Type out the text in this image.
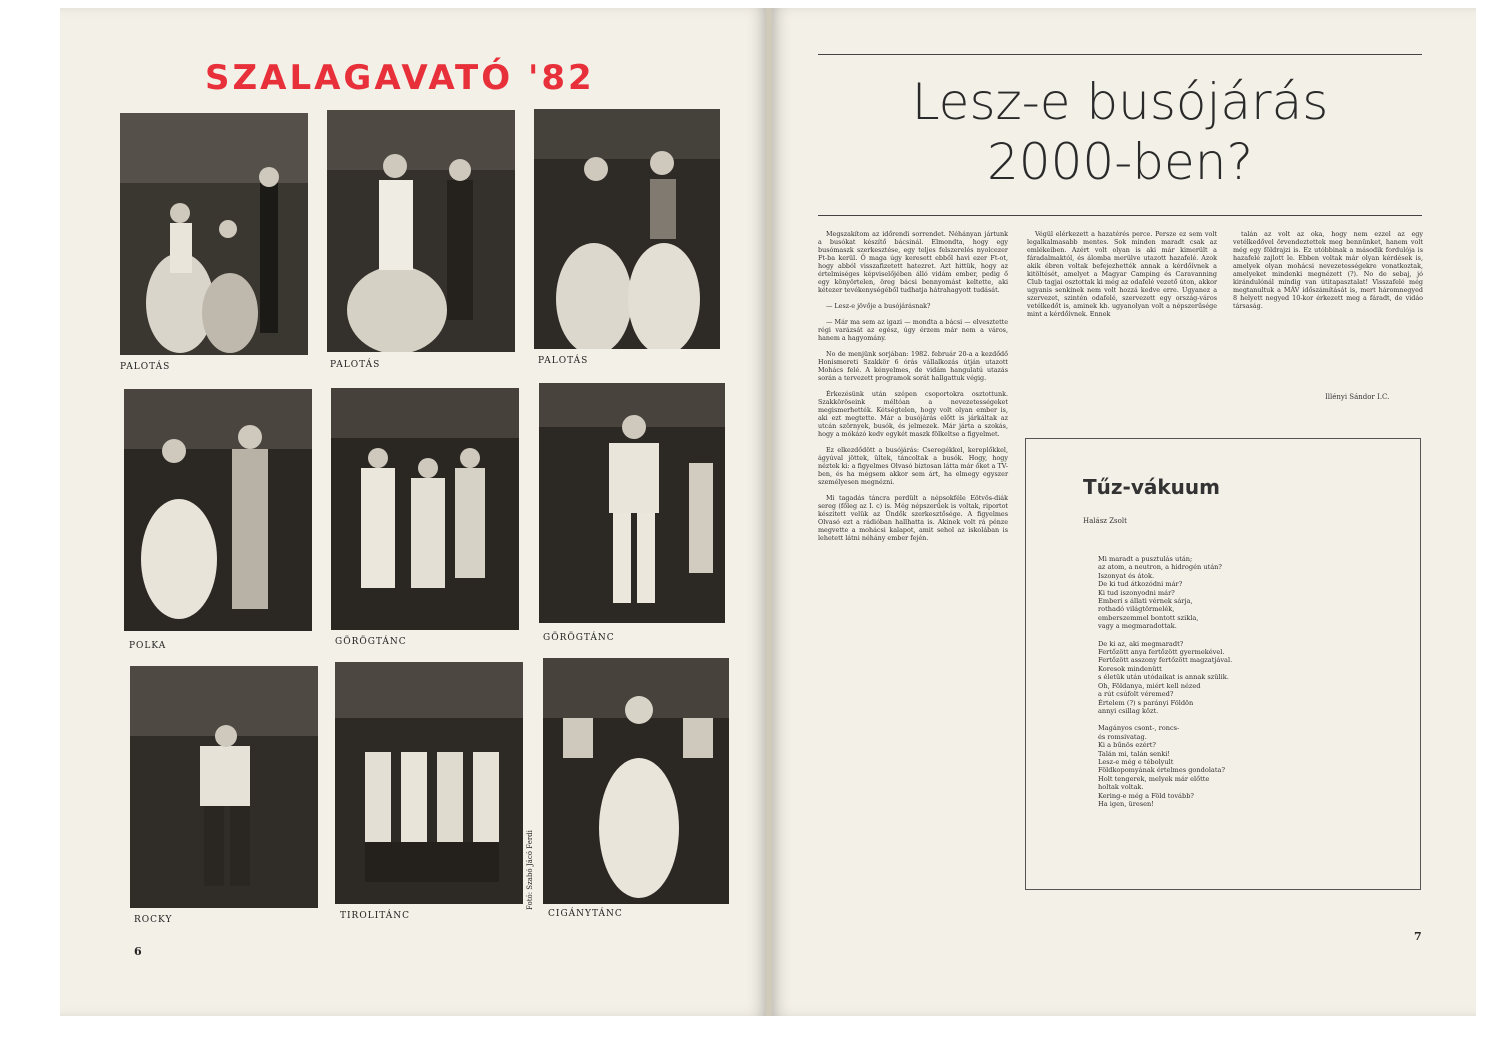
SZALAGAVATÓ '82

PALOTÁS	PALOTÁS	PALOTÁS

POLKA	GÖRÖGTÁNC	GÖRÖGTÁNC

ROCKY	TIROLITÁNC	CIGÁNYTÁNC

Fotó: Szabó Jácó Ferdi

6

Lesz-e busójárás
2000-ben?

Megszakítom az időrendi sorrendet. Néhányan jártunk a busókat készítő bácsinál. Elmondta, hogy egy busómaszk szerkesztése, egy teljes felszerelés nyolcezer Ft-ba kerül. Ő maga úgy keresett ebből havi ezer Ft-ot, hogy abból visszafizetett hatezret. Azt hittük, hogy az értelmiséges képviselőjében álló vidám ember, pedig ő egy könyörtelen, öreg bácsi bennyomást keltette, aki kétezer tevékenységéből tudhatja hátrahagyott tudását.

— Lesz-e jövője a busójárásnak?

— Már ma sem az igazi — mondta a bácsi — elvesztette régi varázsát az egész, úgy érzem már nem a város, hanem a hagyomány.

No de menjünk sorjában: 1982. február 20-a a kezdődő Honismereti Szakkör 6 órás vállalkozás útján utazott Mohács felé. A kényelmes, de vidám hangulatú utazás során a tervezett programok sorát hallgattuk végig.

Érkezésünk után szépen csoportokra osztottunk. Szakköröseink méltóan a nevezetességeket megismerhették. Kétségtelen, hogy volt olyan ember is, aki ezt megtette. Már a busójárás előtt is járkáltak az utcán szörnyek, busók, és jelmezek. Már járta a szokás, hogy a mókázó kedv egykét maszk fölkeltse a figyelmet.

Ez elkezdődött a busójárás: Cseregékkel, kereplőkkel, ágyúval jöttek, ültek, táncoltak a busók. Hogy, hogy néztek ki: a figyelmes Olvasó biztosan látta már őket a TV-ben, és ha mégsem akkor sem árt, ha elmegy egyszer személyesen megnézni.

Mi tagadás táncra perdült a népsokféle Eötvös-diák sereg (főleg az I. c) is. Még népszerűek is voltak, riportot készített velük az Ündők szerkesztősége. A figyelmes Olvasó ezt a rádióban hallhatta is. Akinek volt rá pénze megvette a mohácsi kalapot, amit sehol az iskolában is lehetett látni néhány ember fején.

Végül elérkezett a hazatérés perce. Persze ez sem volt legalkalmasabb mentes. Sok minden maradt csak az emlékeiben. Azért volt olyan is aki már kimerült a fáradalmaktól, és álomba merülve utazott hazafelé. Azok akik ébren voltak befejezhették annak a kérdőívnek a kitöltését, amelyet a Magyar Camping és Caravanning Club tagjai osztottak ki még az odafelé vezető úton, akkor ugyanis senkinek nem volt hozzá kedve erre. Ugyanez a szervezet, szintén odafelé, szervezett egy ország-város vetélkedőt is, aminek kb. ugyanolyan volt a népszerűsége mint a kérdőívnek. Ennek

talán az volt az oka, hogy nem ezzel az egy vetélkedővel örvendeztettek meg bennünket, hanem volt még egy földrajzi is. Ez utóbbinak a második fordulója is hazafelé zajlott le. Ebben voltak már olyan kérdések is, amelyek olyan mohácsi nevezetességekre vonatkoztak, amelyeket mindenki megnézett (?). No de sebaj, jó kirándulónál mindig van útitapasztalat! Visszafelé még megtanultuk a MÁV időszámítását is, mert háromnegyed 8 helyett negyed 10-kor érkezett meg a fáradt, de vidáo társaság.

Illényi Sándor I.C.

Tűz-vákuum

Halász Zsolt

Mi maradt a pusztulás után;
az atom, a neutron, a hidrogén után?
Iszonyat és átok.
De ki tud átkozódni már?
Ki tud iszonyodni már?
Emberi s állati vérnek sárja,
rothadó világtörmelék,
emberszemmel bontott szikla,
vagy a megmaradottak.
De ki az, aki megmaradt?
Fertőzött anya fertőzött gyermekével.
Fertőzött asszony fertőzött magzatjával.
Koresok mindenütt
s életük után utódaikat is annak szülik.
Oh, Földanya, miért kell nézed
a rút csúfolt véremed?
Értelem (?) s parányi Földön
annyi csillag közt.
Magányos csont-, roncs-
és romsivatag.
Ki a bűnös ezért?
Talán mi, talán senki!
Lesz-e még e tébolyult
Földkopomyának értelmes gondolata?
Holt tengerek, melyek már előtte
holtak voltak.
Kering-e még a Föld tovább?
Ha igen, üresen!

7
